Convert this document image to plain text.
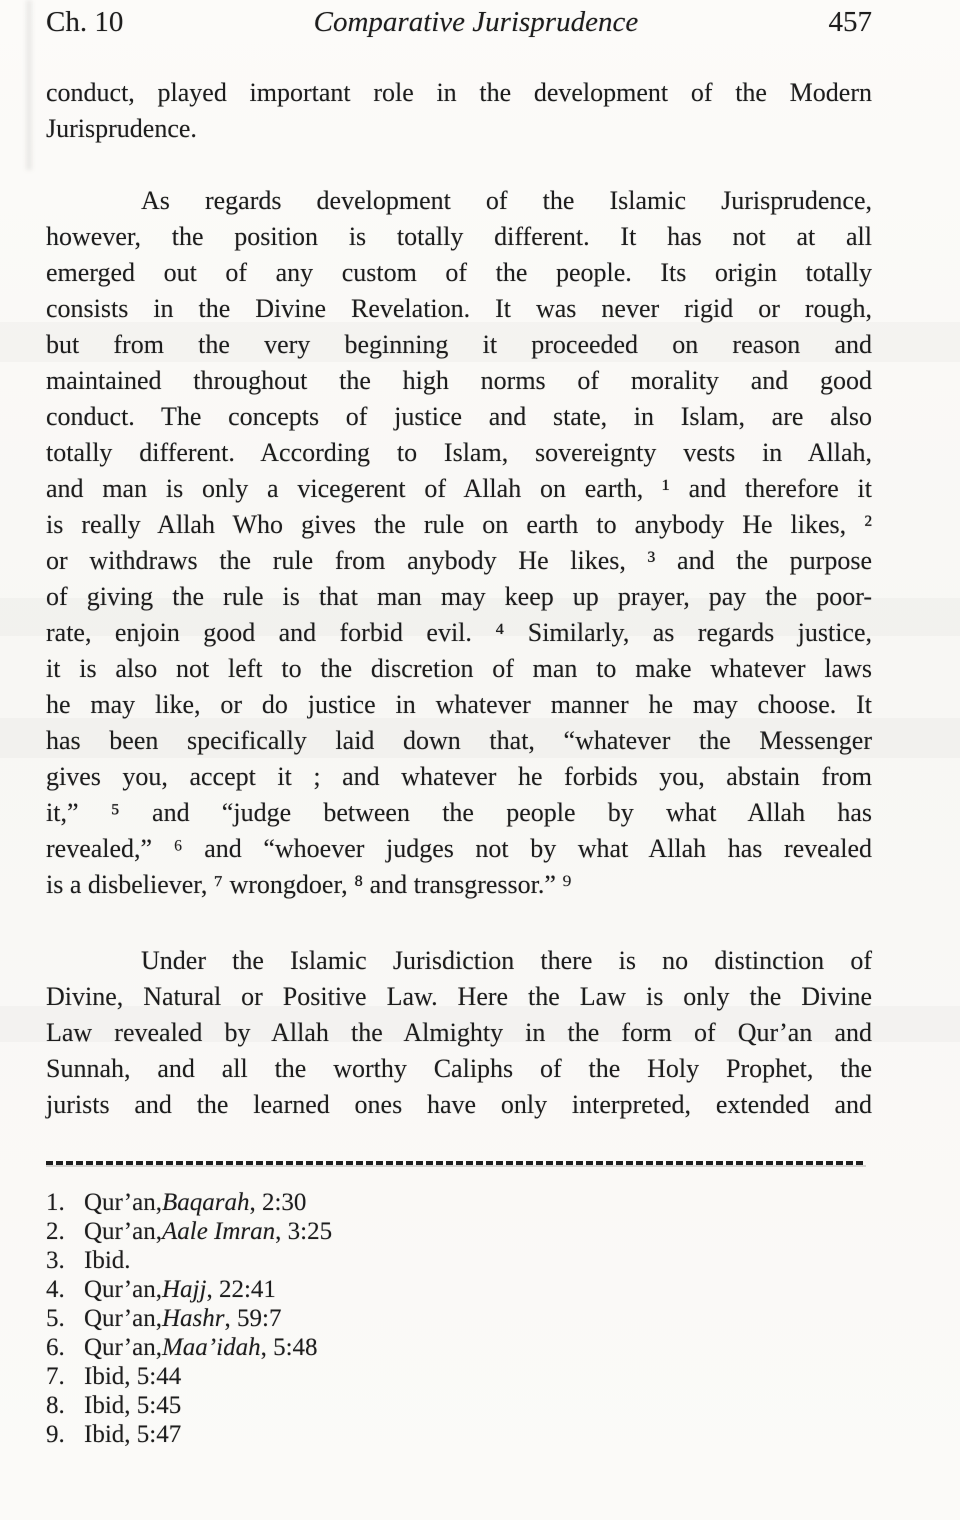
Ch. 10	Comparative Jurisprudence	457
conduct, played important role in the development of the Modern
Jurisprudence.
As regards development of the Islamic Jurisprudence,
however, the position is totally different. It has not at all
emerged out of any custom of the people. Its origin totally
consists in the Divine Revelation. It was never rigid or rough,
but from the very beginning it proceeded on reason and
maintained throughout the high norms of morality and good
conduct. The concepts of justice and state, in Islam, are also
totally different. According to Islam, sovereignty vests in Allah,
and man is only a vicegerent of Allah on earth, ¹ and therefore it
is really Allah Who gives the rule on earth to anybody He likes, ²
or withdraws the rule from anybody He likes, ³ and the purpose
of giving the rule is that man may keep up prayer, pay the poor-
rate, enjoin good and forbid evil. ⁴ Similarly, as regards justice,
it is also not left to the discretion of man to make whatever laws
he may like, or do justice in whatever manner he may choose. It
has been specifically laid down that, “whatever the Messenger
gives you, accept it ; and whatever he forbids you, abstain from
it,” ⁵ and “judge between the people by what Allah has
revealed,” ⁶ and “whoever judges not by what Allah has revealed
is a disbeliever, ⁷ wrongdoer, ⁸ and transgressor.” ⁹
Under the Islamic Jurisdiction there is no distinction of
Divine, Natural or Positive Law. Here the Law is only the Divine
Law revealed by Allah the Almighty in the form of Qur’an and
Sunnah, and all the worthy Caliphs of the Holy Prophet, the
jurists and the learned ones have only interpreted, extended and
1. Qur’an, Baqarah , 2:30
2. Qur’an, Aale Imran , 3:25
3. Ibid.
4. Qur’an, Hajj , 22:41
5. Qur’an, Hashr , 59:7
6. Qur’an, Maa’idah , 5:48
7. Ibid, 5:44
8. Ibid, 5:45
9. Ibid, 5:47
